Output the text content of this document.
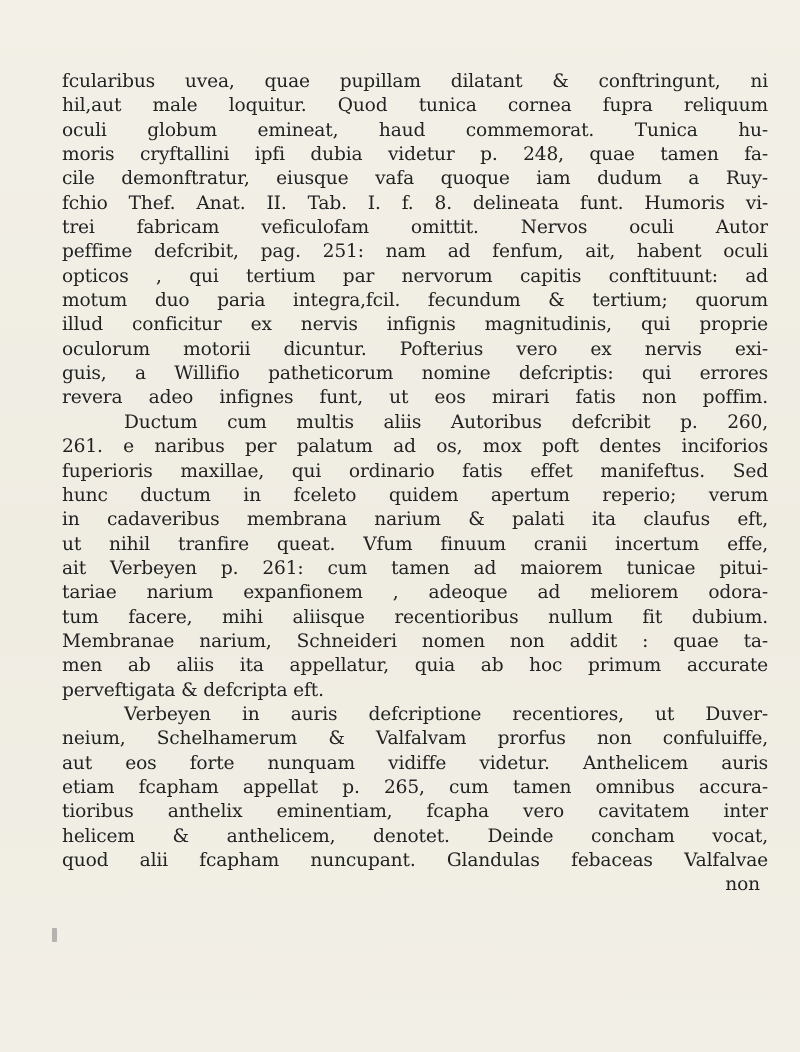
fcularibus uvea, quae pupillam dilatant & conftringunt, ni
hil,aut male loquitur. Quod tunica cornea fupra reliquum
oculi globum emineat, haud commemorat. Tunica hu-
moris cryftallini ipfi dubia videtur p. 248, quae tamen fa-
cile demonftratur, eiusque vafa quoque iam dudum a Ruy-
fchio Thef. Anat. II. Tab. I. f. 8. delineata funt. Humoris vi-
trei fabricam veficulofam omittit. Nervos oculi Autor
peffime defcribit, pag. 251: nam ad fenfum, ait, habent oculi
opticos , qui tertium par nervorum capitis conftituunt: ad
motum duo paria integra,fcil. fecundum & tertium; quorum
illud conficitur ex nervis infignis magnitudinis, qui proprie
oculorum motorii dicuntur. Pofterius vero ex nervis exi-
guis, a Willifio patheticorum nomine defcriptis: qui errores
revera adeo infignes funt, ut eos mirari fatis non poffim.
Ductum cum multis aliis Autoribus defcribit p. 260,
261. e naribus per palatum ad os, mox poft dentes inciforios
fuperioris maxillae, qui ordinario fatis effet manifeftus. Sed
hunc ductum in fceleto quidem apertum reperio; verum
in cadaveribus membrana narium & palati ita claufus eft,
ut nihil tranfire queat. Vfum finuum cranii incertum effe,
ait Verbeyen p. 261: cum tamen ad maiorem tunicae pitui-
tariae narium expanfionem , adeoque ad meliorem odora-
tum facere, mihi aliisque recentioribus nullum fit dubium.
Membranae narium, Schneideri nomen non addit : quae ta-
men ab aliis ita appellatur, quia ab hoc primum accurate
perveftigata & defcripta eft.
Verbeyen in auris defcriptione recentiores, ut Duver-
neium, Schelhamerum & Valfalvam prorfus non confuluiffe,
aut eos forte nunquam vidiffe videtur. Anthelicem auris
etiam fcapham appellat p. 265, cum tamen omnibus accura-
tioribus anthelix eminentiam, fcapha vero cavitatem inter
helicem & anthelicem, denotet. Deinde concham vocat,
quod alii fcapham nuncupant. Glandulas febaceas Valfalvae
non
